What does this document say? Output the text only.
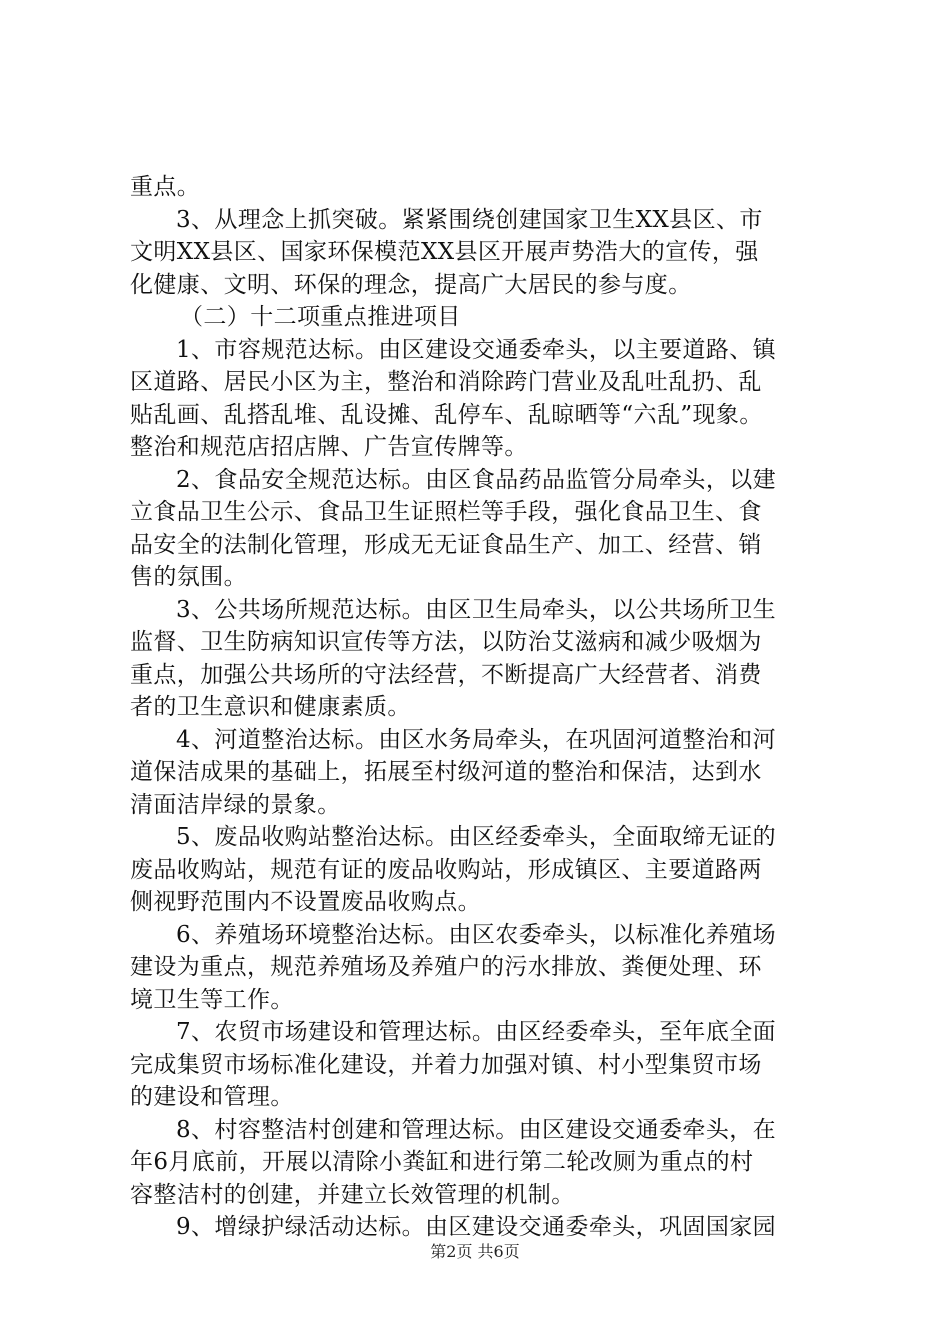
重点。
3、从理念上抓突破。紧紧围绕创建国家卫生XX县区、市
文明XX县区、国家环保模范XX县区开展声势浩大的宣传，强
化健康、文明、环保的理念，提高广大居民的参与度。
（二）十二项重点推进项目
1、市容规范达标。由区建设交通委牵头，以主要道路、镇
区道路、居民小区为主，整治和消除跨门营业及乱吐乱扔、乱
贴乱画、乱搭乱堆、乱设摊、乱停车、乱晾晒等“六乱”现象。
整治和规范店招店牌、广告宣传牌等。
2、食品安全规范达标。由区食品药品监管分局牵头，以建
立食品卫生公示、食品卫生证照栏等手段，强化食品卫生、食
品安全的法制化管理，形成无无证食品生产、加工、经营、销
售的氛围。
3、公共场所规范达标。由区卫生局牵头，以公共场所卫生
监督、卫生防病知识宣传等方法，以防治艾滋病和减少吸烟为
重点，加强公共场所的守法经营，不断提高广大经营者、消费
者的卫生意识和健康素质。
4、河道整治达标。由区水务局牵头，在巩固河道整治和河
道保洁成果的基础上，拓展至村级河道的整治和保洁，达到水
清面洁岸绿的景象。
5、废品收购站整治达标。由区经委牵头，全面取缔无证的
废品收购站，规范有证的废品收购站，形成镇区、主要道路两
侧视野范围内不设置废品收购点。
6、养殖场环境整治达标。由区农委牵头，以标准化养殖场
建设为重点，规范养殖场及养殖户的污水排放、粪便处理、环
境卫生等工作。
7、农贸市场建设和管理达标。由区经委牵头，至年底全面
完成集贸市场标准化建设，并着力加强对镇、村小型集贸市场
的建设和管理。
8、村容整洁村创建和管理达标。由区建设交通委牵头，在
年6月底前，开展以清除小粪缸和进行第二轮改厕为重点的村
容整洁村的创建，并建立长效管理的机制。
9、增绿护绿活动达标。由区建设交通委牵头，巩固国家园
第2页 共6页
